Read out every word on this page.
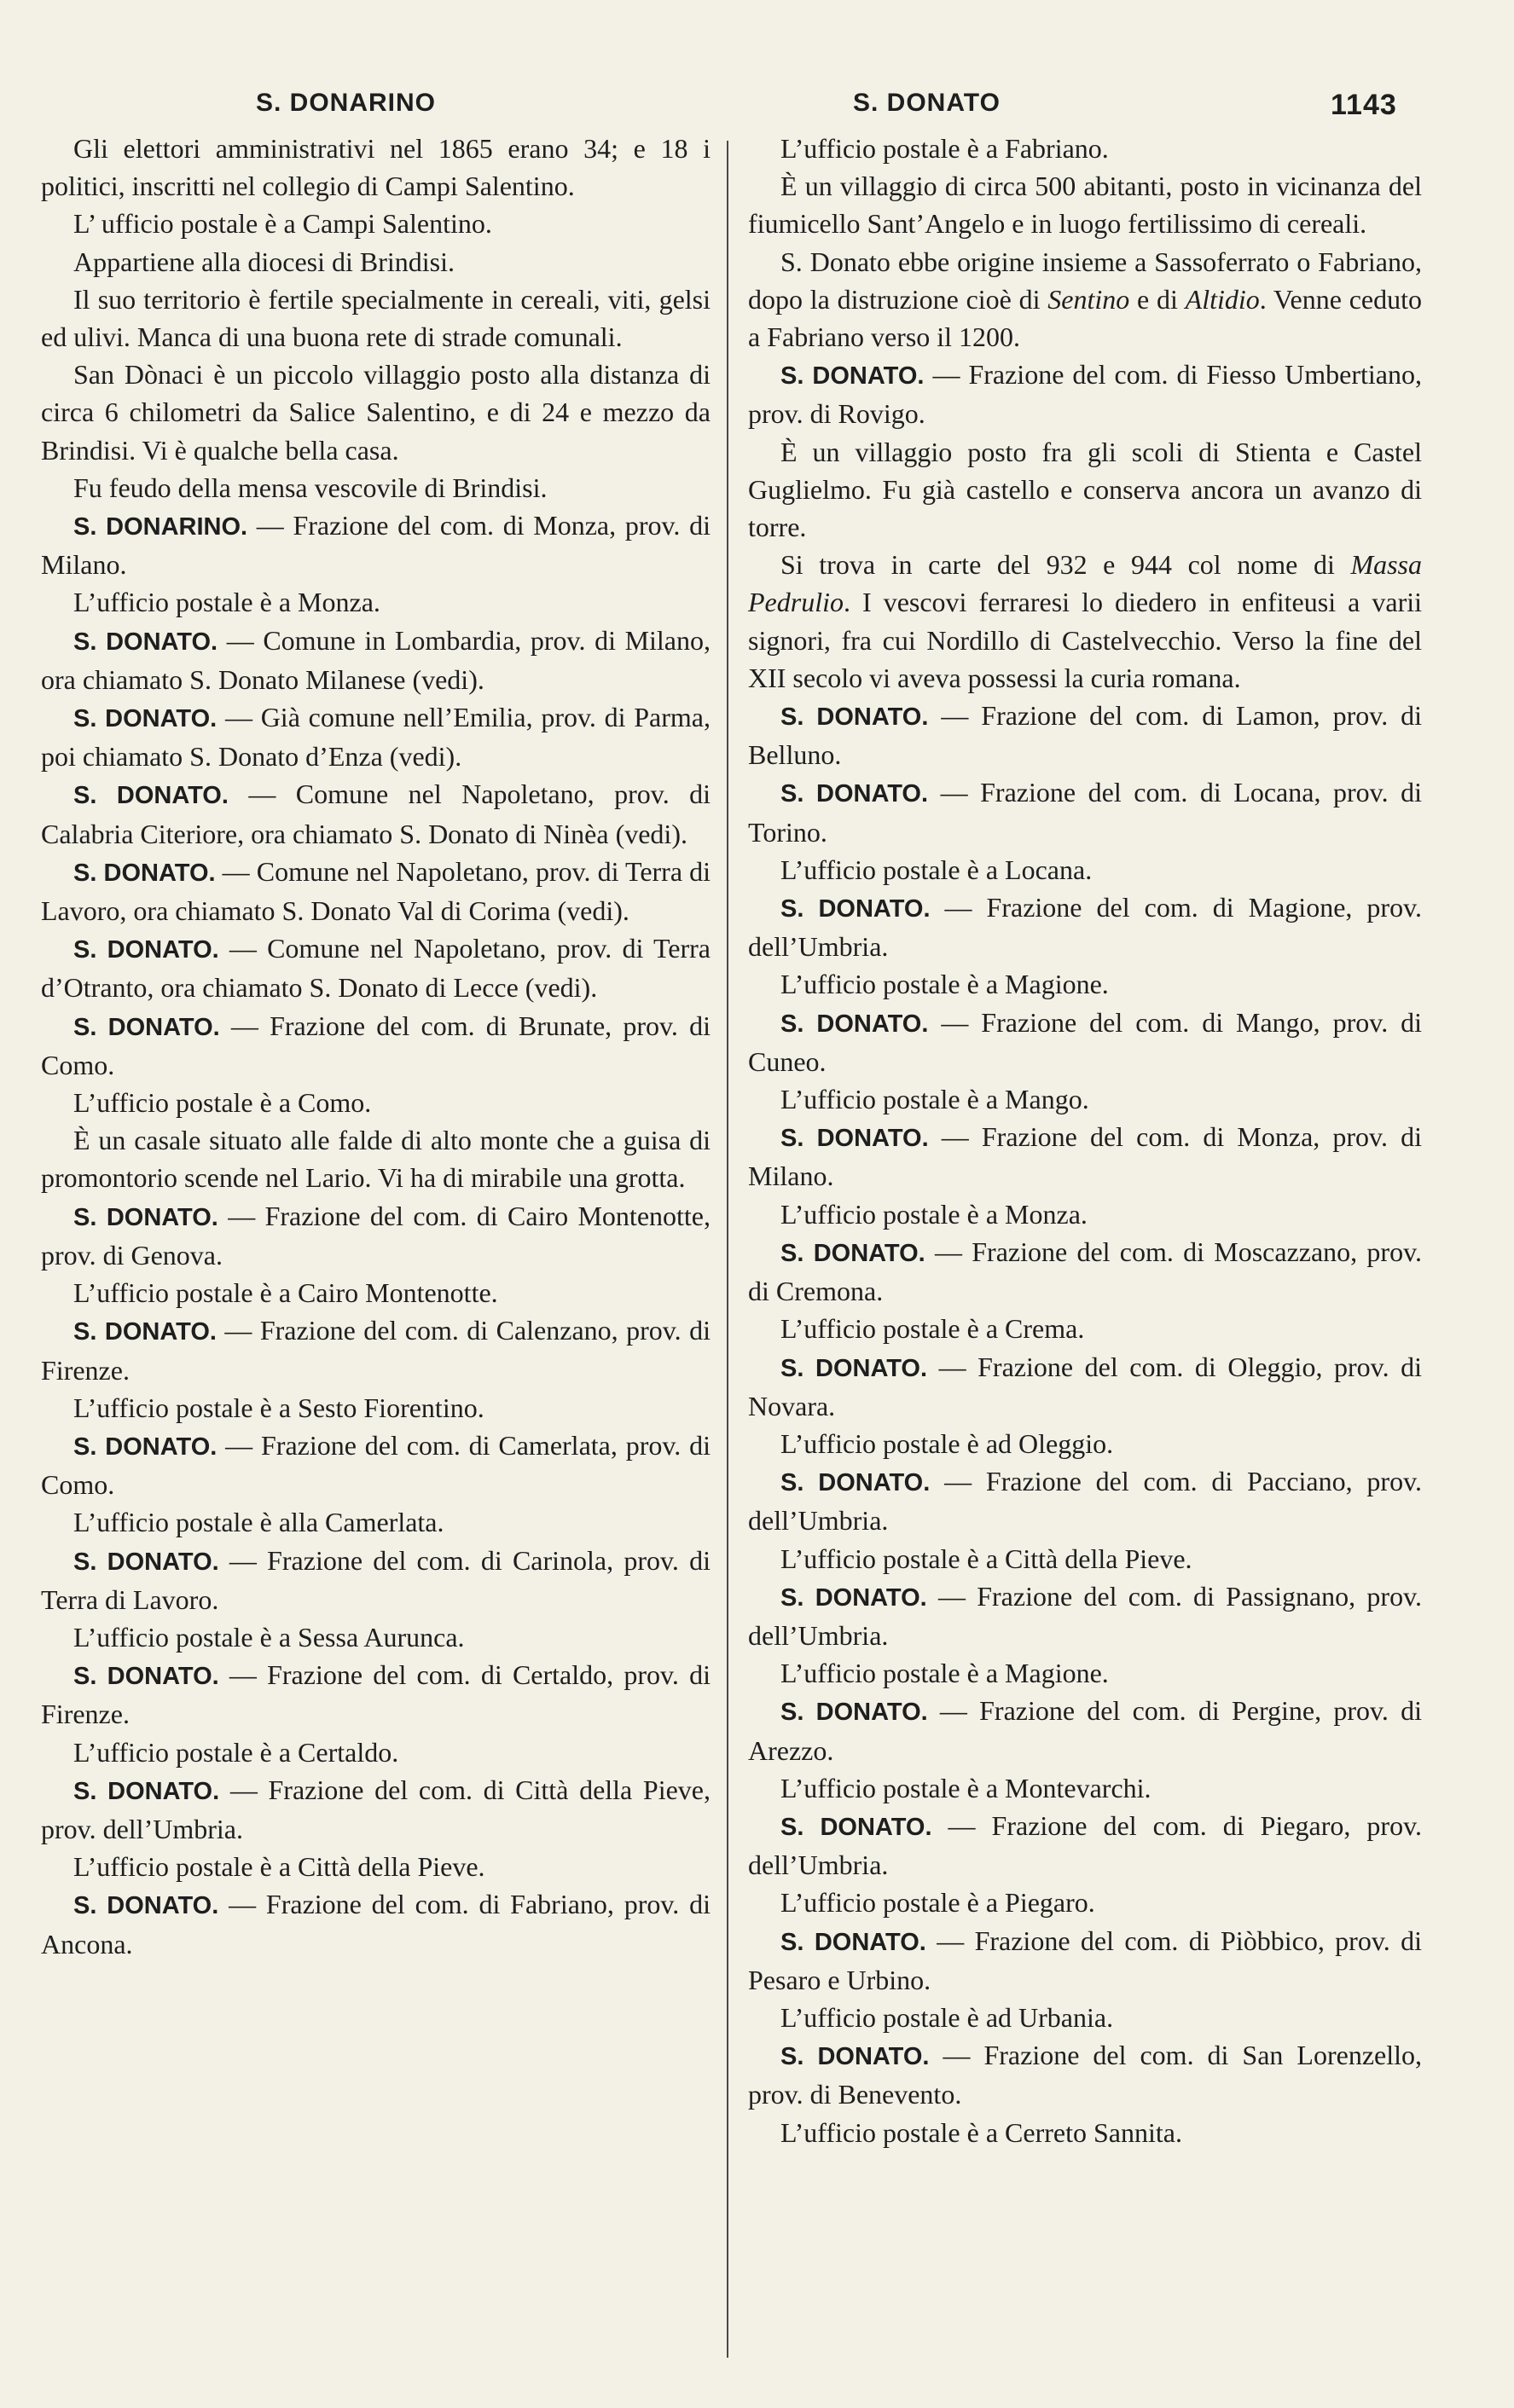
S. DONARINO	S. DONATO	1143

Gli elettori amministrativi nel 1865 erano 34; e 18 i politici, inscritti nel collegio di Campi Salentino.

L’ ufficio postale è a Campi Salentino.

Appartiene alla diocesi di Brindisi.

Il suo territorio è fertile specialmente in cereali, viti, gelsi ed ulivi. Manca di una buona rete di strade comunali.

San Dònaci è un piccolo villaggio posto alla distanza di circa 6 chilometri da Salice Salentino, e di 24 e mezzo da Brindisi. Vi è qualche bella casa.

Fu feudo della mensa vescovile di Brindisi.

S. DONARINO. — Frazione del com. di Monza, prov. di Milano.

L’ufficio postale è a Monza.

S. DONATO. — Comune in Lombardia, prov. di Milano, ora chiamato S. Donato Milanese (vedi).

S. DONATO. — Già comune nell’Emilia, prov. di Parma, poi chiamato S. Donato d’Enza (vedi).

S. DONATO. — Comune nel Napoletano, prov. di Calabria Citeriore, ora chiamato S. Donato di Ninèa (vedi).

S. DONATO. — Comune nel Napoletano, prov. di Terra di Lavoro, ora chiamato S. Donato Val di Corima (vedi).

S. DONATO. — Comune nel Napoletano, prov. di Terra d’Otranto, ora chiamato S. Donato di Lecce (vedi).

S. DONATO. — Frazione del com. di Brunate, prov. di Como.

L’ufficio postale è a Como.

È un casale situato alle falde di alto monte che a guisa di promontorio scende nel Lario. Vi ha di mirabile una grotta.

S. DONATO. — Frazione del com. di Cairo Montenotte, prov. di Genova.

L’ufficio postale è a Cairo Montenotte.

S. DONATO. — Frazione del com. di Calenzano, prov. di Firenze.

L’ufficio postale è a Sesto Fiorentino.

S. DONATO. — Frazione del com. di Camerlata, prov. di Como.

L’ufficio postale è alla Camerlata.

S. DONATO. — Frazione del com. di Carinola, prov. di Terra di Lavoro.

L’ufficio postale è a Sessa Aurunca.

S. DONATO. — Frazione del com. di Certaldo, prov. di Firenze.

L’ufficio postale è a Certaldo.

S. DONATO. — Frazione del com. di Città della Pieve, prov. dell’Umbria.

L’ufficio postale è a Città della Pieve.

S. DONATO. — Frazione del com. di Fabriano, prov. di Ancona.

L’ufficio postale è a Fabriano.

È un villaggio di circa 500 abitanti, posto in vicinanza del fiumicello Sant’Angelo e in luogo fertilissimo di cereali.

S. Donato ebbe origine insieme a Sassoferrato o Fabriano, dopo la distruzione cioè di Sentino e di Altidio. Venne ceduto a Fabriano verso il 1200.

S. DONATO. — Frazione del com. di Fiesso Umbertiano, prov. di Rovigo.

È un villaggio posto fra gli scoli di Stienta e Castel Guglielmo. Fu già castello e conserva ancora un avanzo di torre.

Si trova in carte del 932 e 944 col nome di Massa Pedrulio. I vescovi ferraresi lo diedero in enfiteusi a varii signori, fra cui Nordillo di Castelvecchio. Verso la fine del XII secolo vi aveva possessi la curia romana.

S. DONATO. — Frazione del com. di Lamon, prov. di Belluno.

S. DONATO. — Frazione del com. di Locana, prov. di Torino.

L’ufficio postale è a Locana.

S. DONATO. — Frazione del com. di Magione, prov. dell’Umbria.

L’ufficio postale è a Magione.

S. DONATO. — Frazione del com. di Mango, prov. di Cuneo.

L’ufficio postale è a Mango.

S. DONATO. — Frazione del com. di Monza, prov. di Milano.

L’ufficio postale è a Monza.

S. DONATO. — Frazione del com. di Moscazzano, prov. di Cremona.

L’ufficio postale è a Crema.

S. DONATO. — Frazione del com. di Oleggio, prov. di Novara.

L’ufficio postale è ad Oleggio.

S. DONATO. — Frazione del com. di Pacciano, prov. dell’Umbria.

L’ufficio postale è a Città della Pieve.

S. DONATO. — Frazione del com. di Passignano, prov. dell’Umbria.

L’ufficio postale è a Magione.

S. DONATO. — Frazione del com. di Pergine, prov. di Arezzo.

L’ufficio postale è a Montevarchi.

S. DONATO. — Frazione del com. di Piegaro, prov. dell’Umbria.

L’ufficio postale è a Piegaro.

S. DONATO. — Frazione del com. di Piòbbico, prov. di Pesaro e Urbino.

L’ufficio postale è ad Urbania.

S. DONATO. — Frazione del com. di San Lorenzello, prov. di Benevento.

L’ufficio postale è a Cerreto Sannita.
